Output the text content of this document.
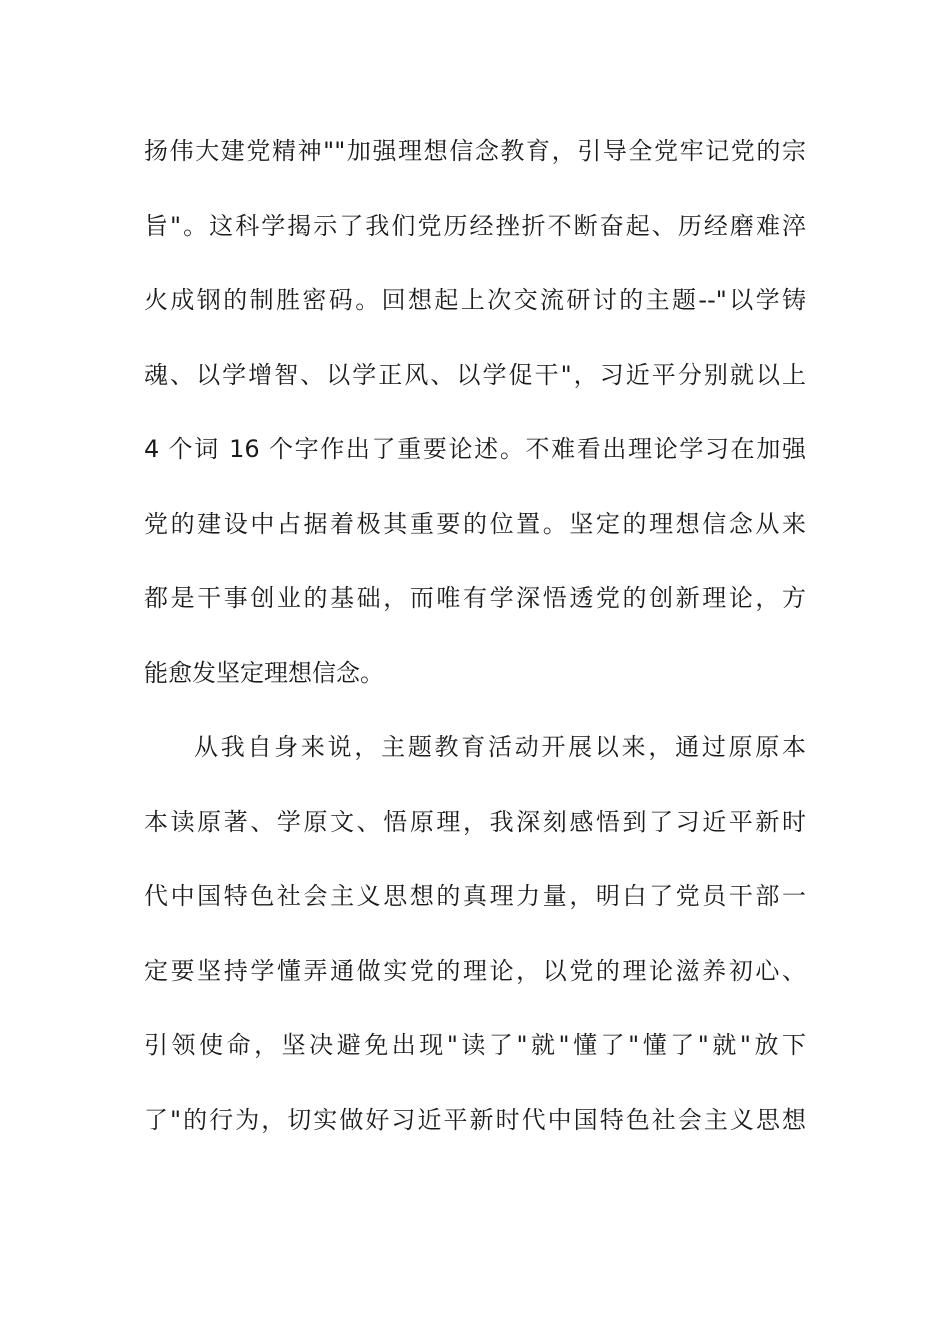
扬伟大建党精神""加强理想信念教育，引导全党牢记党的宗
旨"。这科学揭示了我们党历经挫折不断奋起、历经磨难淬
火成钢的制胜密码。回想起上次交流研讨的主题--"以学铸
魂、以学增智、以学正风、以学促干"，习近平分别就以上
4 个词 16 个字作出了重要论述。不难看出理论学习在加强
党的建设中占据着极其重要的位置。坚定的理想信念从来
都是干事创业的基础，而唯有学深悟透党的创新理论，方
能愈发坚定理想信念。
从我自身来说，主题教育活动开展以来，通过原原本
本读原著、学原文、悟原理，我深刻感悟到了习近平新时
代中国特色社会主义思想的真理力量，明白了党员干部一
定要坚持学懂弄通做实党的理论，以党的理论滋养初心、
引领使命，坚决避免出现"读了"就"懂了"懂了"就"放下
了"的行为，切实做好习近平新时代中国特色社会主义思想
